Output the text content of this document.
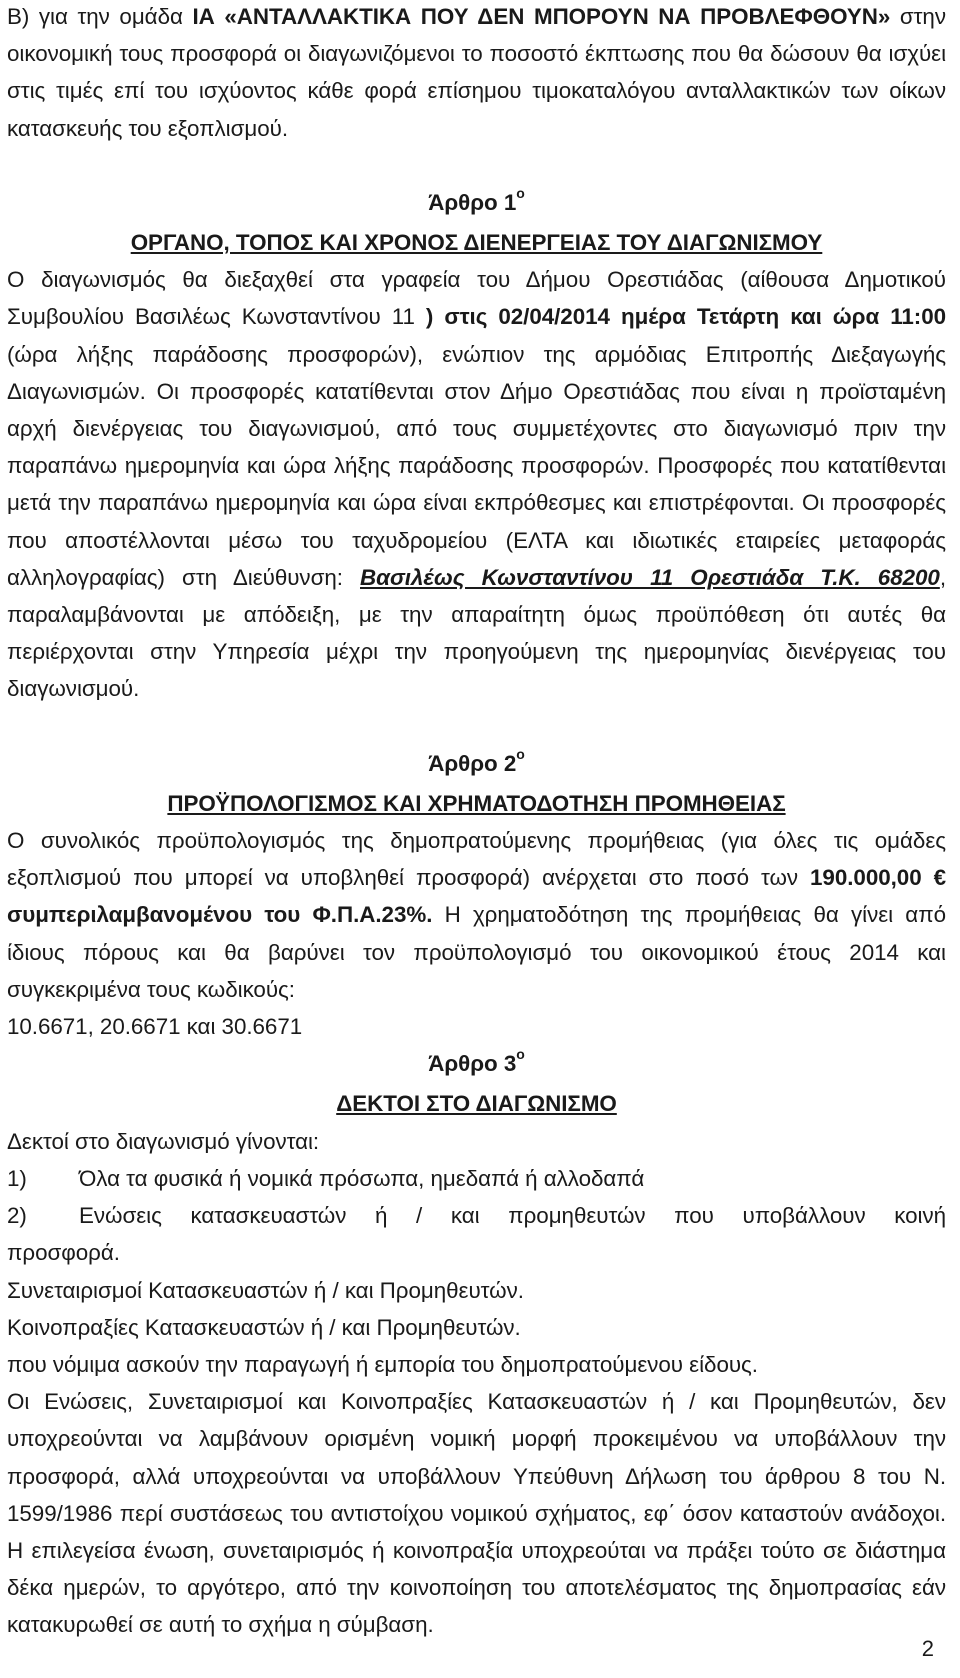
Β) για την ομάδα ΙΑ «ΑΝΤΑΛΛΑΚΤΙΚΑ ΠΟΥ ΔΕΝ ΜΠΟΡΟΥΝ ΝΑ ΠΡΟΒΛΕΦΘΟΥΝ» στην οικονομική τους προσφορά οι διαγωνιζόμενοι το ποσοστό έκπτωσης που θα δώσουν θα ισχύει στις τιμές επί του ισχύοντος κάθε φορά επίσημου τιμοκαταλόγου ανταλλακτικών των οίκων κατασκευής του εξοπλισμού.

Άρθρο $1^o$

ΟΡΓΑΝΟ, ΤΟΠΟΣ ΚΑΙ ΧΡΟΝΟΣ ΔΙΕΝΕΡΓΕΙΑΣ ΤΟΥ ΔΙΑΓΩΝΙΣΜΟΥ

Ο διαγωνισμός θα διεξαχθεί στα γραφεία του Δήμου Ορεστιάδας (αίθουσα Δημοτικού Συμβουλίου Βασιλέως Κωνσταντίνου 11 ) στις 02/04/2014 ημέρα Τετάρτη και ώρα 11:00 (ώρα λήξης παράδοσης προσφορών), ενώπιον της αρμόδιας Επιτροπής Διεξαγωγής Διαγωνισμών. Οι προσφορές κατατίθενται στον Δήμο Ορεστιάδας που είναι η προϊσταμένη αρχή διενέργειας του διαγωνισμού, από τους συμμετέχοντες στο διαγωνισμό πριν την παραπάνω ημερομηνία και ώρα λήξης παράδοσης προσφορών. Προσφορές που κατατίθενται μετά την παραπάνω ημερομηνία και ώρα είναι εκπρόθεσμες και επιστρέφονται. Οι προσφορές που αποστέλλονται μέσω του ταχυδρομείου (ΕΛΤΑ και ιδιωτικές εταιρείες μεταφοράς αλληλογραφίας) στη Διεύθυνση: Βασιλέως Κωνσταντίνου 11 Ορεστιάδα Τ.Κ. 68200, παραλαμβάνονται με απόδειξη, με την απαραίτητη όμως προϋπόθεση ότι αυτές θα περιέρχονται στην Υπηρεσία μέχρι την προηγούμενη της ημερομηνίας διενέργειας του διαγωνισμού.

Άρθρο $2^o$

ΠΡΟΫΠΟΛΟΓΙΣΜΟΣ ΚΑΙ ΧΡΗΜΑΤΟΔΟΤΗΣΗ ΠΡΟΜΗΘΕΙΑΣ

Ο συνολικός προϋπολογισμός της δημοπρατούμενης προμήθειας (για όλες τις ομάδες εξοπλισμού που μπορεί να υποβληθεί προσφορά) ανέρχεται στο ποσό των 190.000,00 € συμπεριλαμβανομένου του Φ.Π.Α.23%. Η χρηματοδότηση της προμήθειας θα γίνει από ίδιους πόρους και θα βαρύνει τον προϋπολογισμό του οικονομικού έτους 2014 και συγκεκριμένα τους κωδικούς:

10.6671, 20.6671 και 30.6671

Άρθρο $3^o$

ΔΕΚΤΟΙ ΣΤΟ ΔΙΑΓΩΝΙΣΜΟ

Δεκτοί στο διαγωνισμό γίνονται:

1)	Όλα τα φυσικά ή νομικά πρόσωπα, ημεδαπά ή αλλοδαπά
2)	Ενώσεις κατασκευαστών ή / και προμηθευτών που υποβάλλουν κοινή

προσφορά.

Συνεταιρισμοί Κατασκευαστών ή / και Προμηθευτών.

Κοινοπραξίες Κατασκευαστών ή / και Προμηθευτών.

που νόμιμα ασκούν την παραγωγή ή εμπορία του δημοπρατούμενου είδους.

Οι Ενώσεις, Συνεταιρισμοί και Κοινοπραξίες Κατασκευαστών ή / και Προμηθευτών, δεν υποχρεούνται να λαμβάνουν ορισμένη νομική μορφή προκειμένου να υποβάλλουν την προσφορά, αλλά υποχρεούνται να υποβάλλουν Υπεύθυνη Δήλωση του άρθρου 8 του Ν. 1599/1986 περί συστάσεως του αντιστοίχου νομικού σχήματος, εφ΄ όσον καταστούν ανάδοχοι. Η επιλεγείσα ένωση, συνεταιρισμός ή κοινοπραξία υποχρεούται να πράξει τούτο σε διάστημα δέκα ημερών, το αργότερο, από την κοινοποίηση του αποτελέσματος της δημοπρασίας εάν κατακυρωθεί σε αυτή το σχήμα η σύμβαση.

2
